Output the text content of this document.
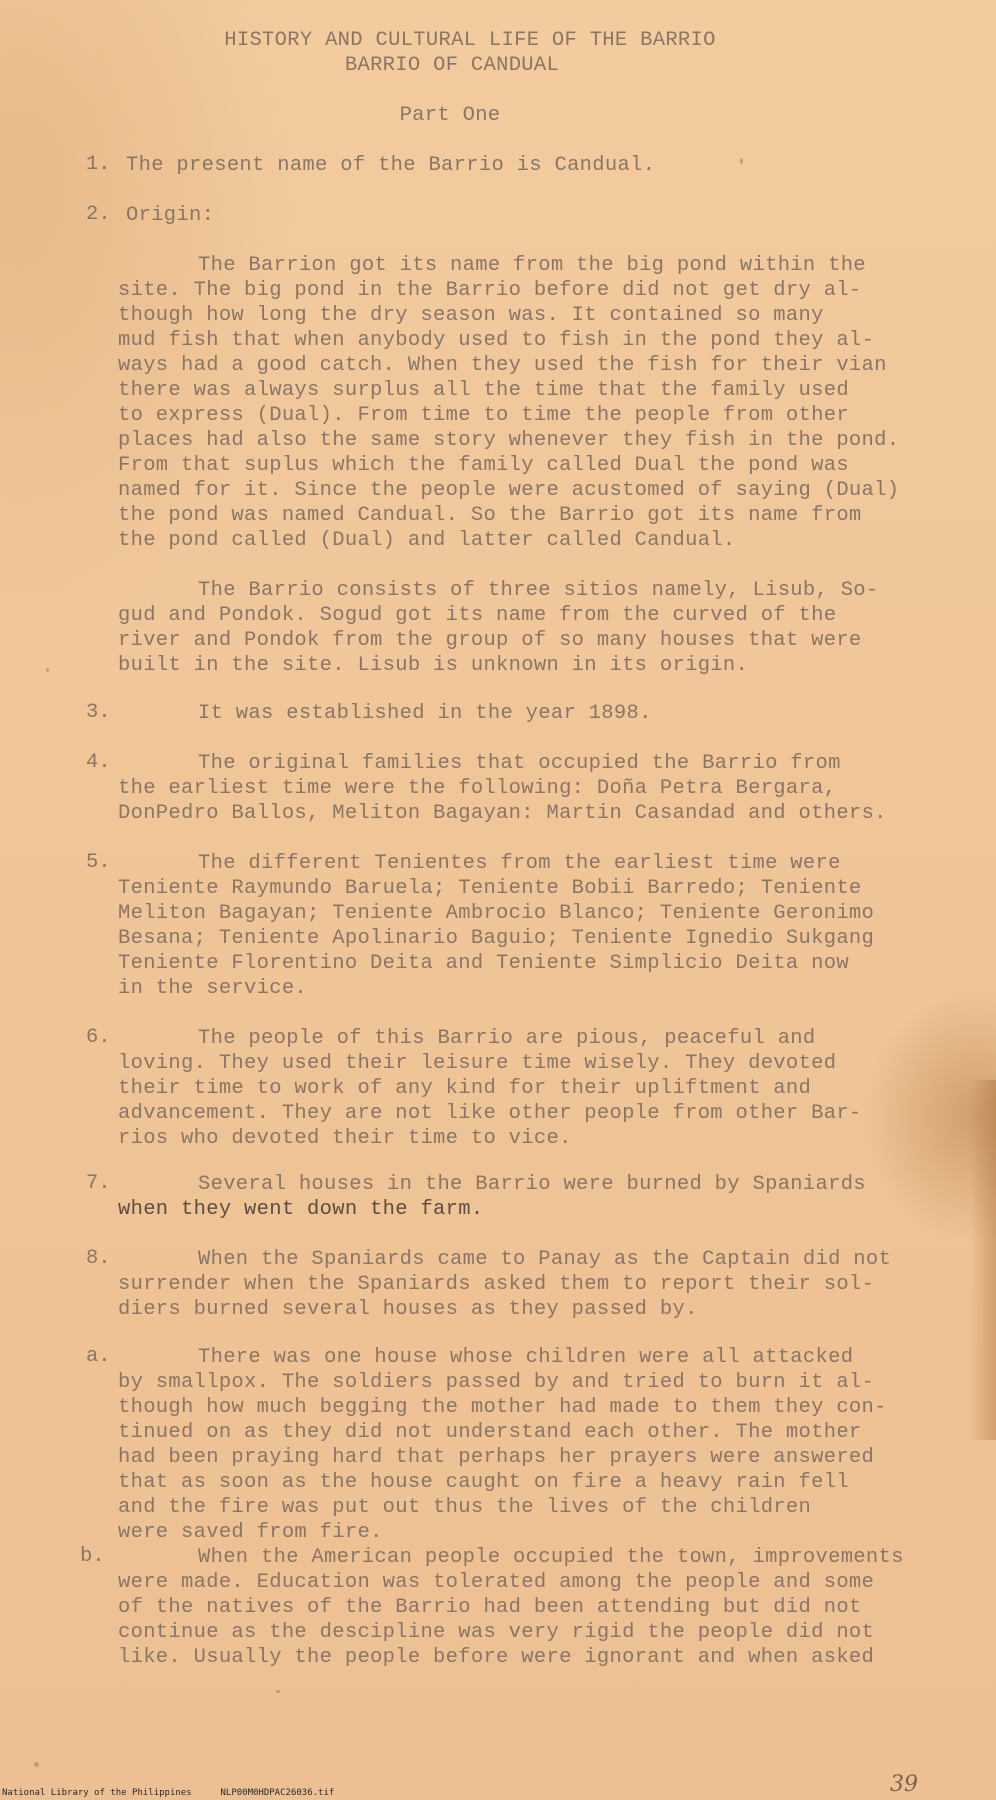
HISTORY AND CULTURAL LIFE OF THE BARRIO
BARRIO OF CANDUAL
Part One
1. The present name of the Barrio is Candual.
2. Origin:
The Barrion got its name from the big pond within the
site. The big pond in the Barrio before did not get dry al-
though how long the dry season was. It contained so many
mud fish that when anybody used to fish in the pond they al-
ways had a good catch. When they used the fish for their vian
there was always surplus all the time that the family used
to express (Dual). From time to time the people from other
places had also the same story whenever they fish in the pond.
From that suplus which the family called Dual the pond was
named for it. Since the people were acustomed of saying (Dual)
the pond was named Candual. So the Barrio got its name from
the pond called (Dual) and latter called Candual.
The Barrio consists of three sitios namely, Lisub, So-
gud and Pondok. Sogud got its name from the curved of the
river and Pondok from the group of so many houses that were
built in the site. Lisub is unknown in its origin.
3.	It was established in the year 1898.
4.	The original families that occupied the Barrio from
the earliest time were the following: Doña Petra Bergara,
DonPedro Ballos, Meliton Bagayan: Martin Casandad and others.
5.	The different Tenientes from the earliest time were
Teniente Raymundo Baruela; Teniente Bobii Barredo; Teniente
Meliton Bagayan; Teniente Ambrocio Blanco; Teniente Geronimo
Besana; Teniente Apolinario Baguio; Teniente Ignedio Sukgang
Teniente Florentino Deita and Teniente Simplicio Deita now
in the service.
6.	The people of this Barrio are pious, peaceful and
loving. They used their leisure time wisely. They devoted
their time to work of any kind for their upliftment and
advancement. They are not like other people from other Bar-
rios who devoted their time to vice.
7.	Several houses in the Barrio were burned by Spaniards
when they went down the farm.
8.	When the Spaniards came to Panay as the Captain did not
surrender when the Spaniards asked them to report their sol-
diers burned several houses as they passed by.
a.	There was one house whose children were all attacked
by smallpox. The soldiers passed by and tried to burn it al-
though how much begging the mother had made to them they con-
tinued on as they did not understand each other. The mother
had been praying hard that perhaps her prayers were answered
that as soon as the house caught on fire a heavy rain fell
and the fire was put out thus the lives of the children
were saved from fire.
b.	When the American people occupied the town, improvements
were made. Education was tolerated among the people and some
of the natives of the Barrio had been attending but did not
continue as the descipline was very rigid the people did not
like. Usually the people before were ignorant and when asked
39
National Library of the Philippines	NLP00M0HDPAC26036.tif
